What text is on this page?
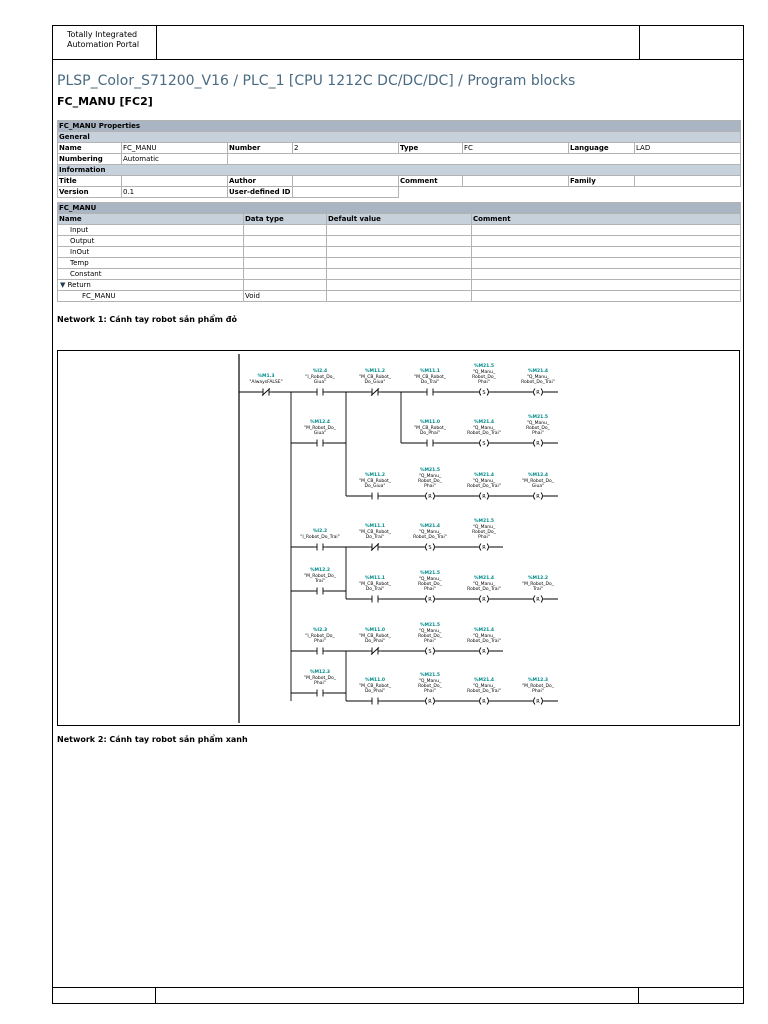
Totally Integrated
Automation Portal
PLSP_Color_S71200_V16 / PLC_1 [CPU 1212C DC/DC/DC] / Program blocks
FC_MANU [FC2]
FC_MANU Properties							
General							
Name	FC_MANU	Number	2	Type	FC	Language	LAD
Numbering	Automatic						
Information							
Title		Author		Comment		Family	
Version	0.1	User-defined ID					
FC_MANU			
Name	Data type	Default value	Comment
Input			
Output			
InOut			
Temp			
Constant			
▼ Return			
FC_MANU	Void		
Network 1: Cánh tay robot sản phẩm đỏ
%M1.3
"AlwaysFALSE"
%I2.4
"I_Robot_Do_
Giua"
%M11.2
"M_CB_Robot_
Do_Giua"
%M11.1
"M_CB_Robot_
Do_Trai"
S
%M21.5
"Q_Manu_
Robot_Do_
Phai"
R
%M21.4
"Q_Manu_
Robot_Do_Trai"
%M12.4
"M_Robot_Do_
Giua"
%M11.0
"M_CB_Robot_
Do_Phai"
S
%M21.4
"Q_Manu_
Robot_Do_Trai"
R
%M21.5
"Q_Manu_
Robot_Do_
Phai"
%M11.2
"M_CB_Robot_
Do_Giua"
R
%M21.5
"Q_Manu_
Robot_Do_
Phai"
R
%M21.4
"Q_Manu_
Robot_Do_Trai"
R
%M12.4
"M_Robot_Do_
Giua"
%I2.2
"I_Robot_Do_Trai"
%M11.1
"M_CB_Robot_
Do_Trai"
S
%M21.4
"Q_Manu_
Robot_Do_Trai"
R
%M21.5
"Q_Manu_
Robot_Do_
Phai"
%M12.2
"M_Robot_Do_
Trai"
%M11.1
"M_CB_Robot_
Do_Trai"
R
%M21.5
"Q_Manu_
Robot_Do_
Phai"
R
%M21.4
"Q_Manu_
Robot_Do_Trai"
R
%M12.2
"M_Robot_Do_
Trai"
%I2.3
"I_Robot_Do_
Phai"
%M11.0
"M_CB_Robot_
Do_Phai"
S
%M21.5
"Q_Manu_
Robot_Do_
Phai"
R
%M21.4
"Q_Manu_
Robot_Do_Trai"
%M12.3
"M_Robot_Do_
Phai"
%M11.0
"M_CB_Robot_
Do_Phai"
R
%M21.5
"Q_Manu_
Robot_Do_
Phai"
R
%M21.4
"Q_Manu_
Robot_Do_Trai"
R
%M12.3
"M_Robot_Do_
Phai"
Network 2: Cánh tay robot sản phẩm xanh
